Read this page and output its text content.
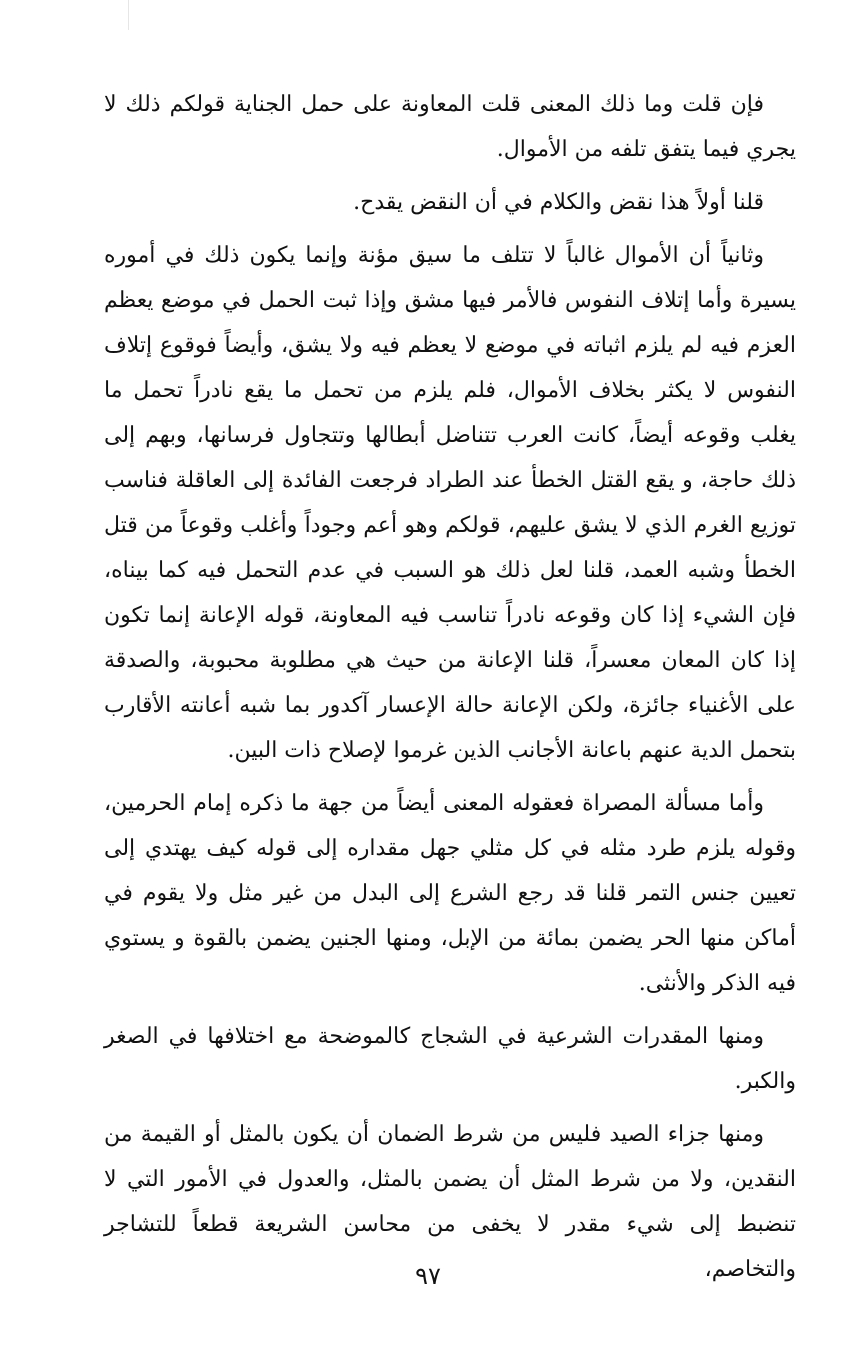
فإن قلت وما ذلك المعنى قلت المعاونة على حمل الجناية قولكم ذلك لا يجري فيما يتفق تلفه من الأموال.

قلنا أولاً هذا نقض والكلام في أن النقض يقدح.

وثانياً أن الأموال غالباً لا تتلف ما سيق مؤنة وإنما يكون ذلك في أموره يسيرة وأما إتلاف النفوس فالأمر فيها مشق وإذا ثبت الحمل في موضع يعظم العزم فيه لم يلزم اثباته في موضع لا يعظم فيه ولا يشق، وأيضاً فوقوع إتلاف النفوس لا يكثر بخلاف الأموال، فلم يلزم من تحمل ما يقع نادراً تحمل ما يغلب وقوعه أيضاً، كانت العرب تتناضل أبطالها وتتجاول فرسانها، وبهم إلى ذلك حاجة، و يقع القتل الخطأ عند الطراد فرجعت الفائدة إلى العاقلة فناسب توزيع الغرم الذي لا يشق عليهم، قولكم وهو أعم وجوداً وأغلب وقوعاً من قتل الخطأ وشبه العمد، قلنا لعل ذلك هو السبب في عدم التحمل فيه كما بيناه، فإن الشيء إذا كان وقوعه نادراً تناسب فيه المعاونة، قوله الإعانة إنما تكون إذا كان المعان معسراً، قلنا الإعانة من حيث هي مطلوبة محبوبة، والصدقة على الأغنياء جائزة، ولكن الإعانة حالة الإعسار آكدور بما شبه أعانته الأقارب بتحمل الدية عنهم باعانة الأجانب الذين غرموا لإصلاح ذات البين.

وأما مسألة المصراة فعقوله المعنى أيضاً من جهة ما ذكره إمام الحرمين، وقوله يلزم طرد مثله في كل مثلي جهل مقداره إلى قوله كيف يهتدي إلى تعيين جنس التمر قلنا قد رجع الشرع إلى البدل من غير مثل ولا يقوم في أماكن منها الحر يضمن بمائة من الإبل، ومنها الجنين يضمن بالقوة و يستوي فيه الذكر والأنثى.

ومنها المقدرات الشرعية في الشجاج كالموضحة مع اختلافها في الصغر والكبر.

ومنها جزاء الصيد فليس من شرط الضمان أن يكون بالمثل أو القيمة من النقدين، ولا من شرط المثل أن يضمن بالمثل، والعدول في الأمور التي لا تنضبط إلى شيء مقدر لا يخفى من محاسن الشريعة قطعاً للتشاجر والتخاصم،

٩٧
